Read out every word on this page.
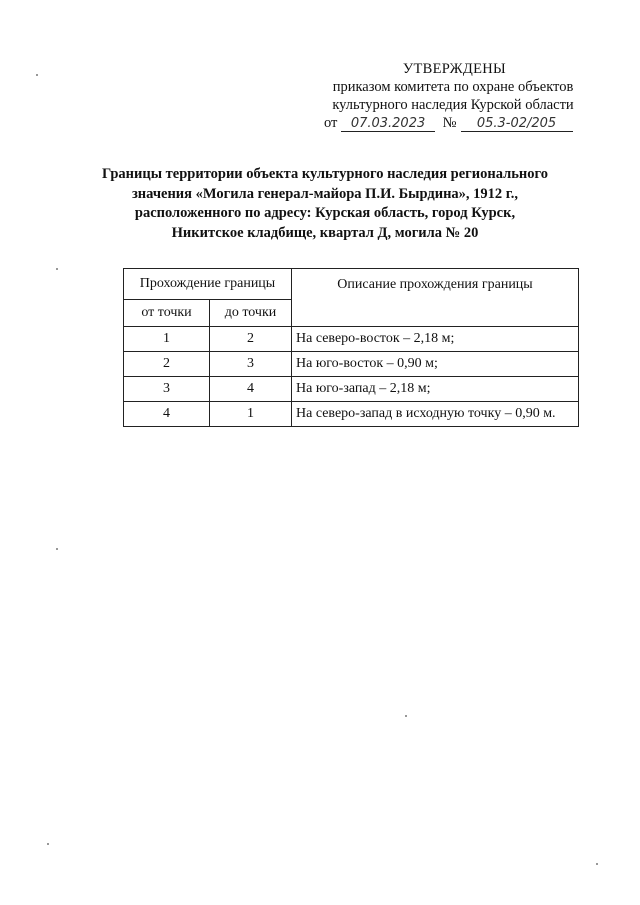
УТВЕРЖДЕНЫ
приказом комитета по охране объектов
культурного наследия Курской области
от 07.03.2023 № 05.3-02/205
Границы территории объекта культурного наследия регионального
значения «Могила генерал-майора П.И. Бырдина», 1912 г.,
расположенного по адресу: Курская область, город Курск,
Никитское кладбище, квартал Д, могила № 20
Прохождение границы		Описание прохождения границы
от точки	до точки	
1	2	На северо-восток – 2,18 м;
2	3	На юго-восток – 0,90 м;
3	4	На юго-запад – 2,18 м;
4	1	На северо-запад в исходную точку – 0,90 м.
